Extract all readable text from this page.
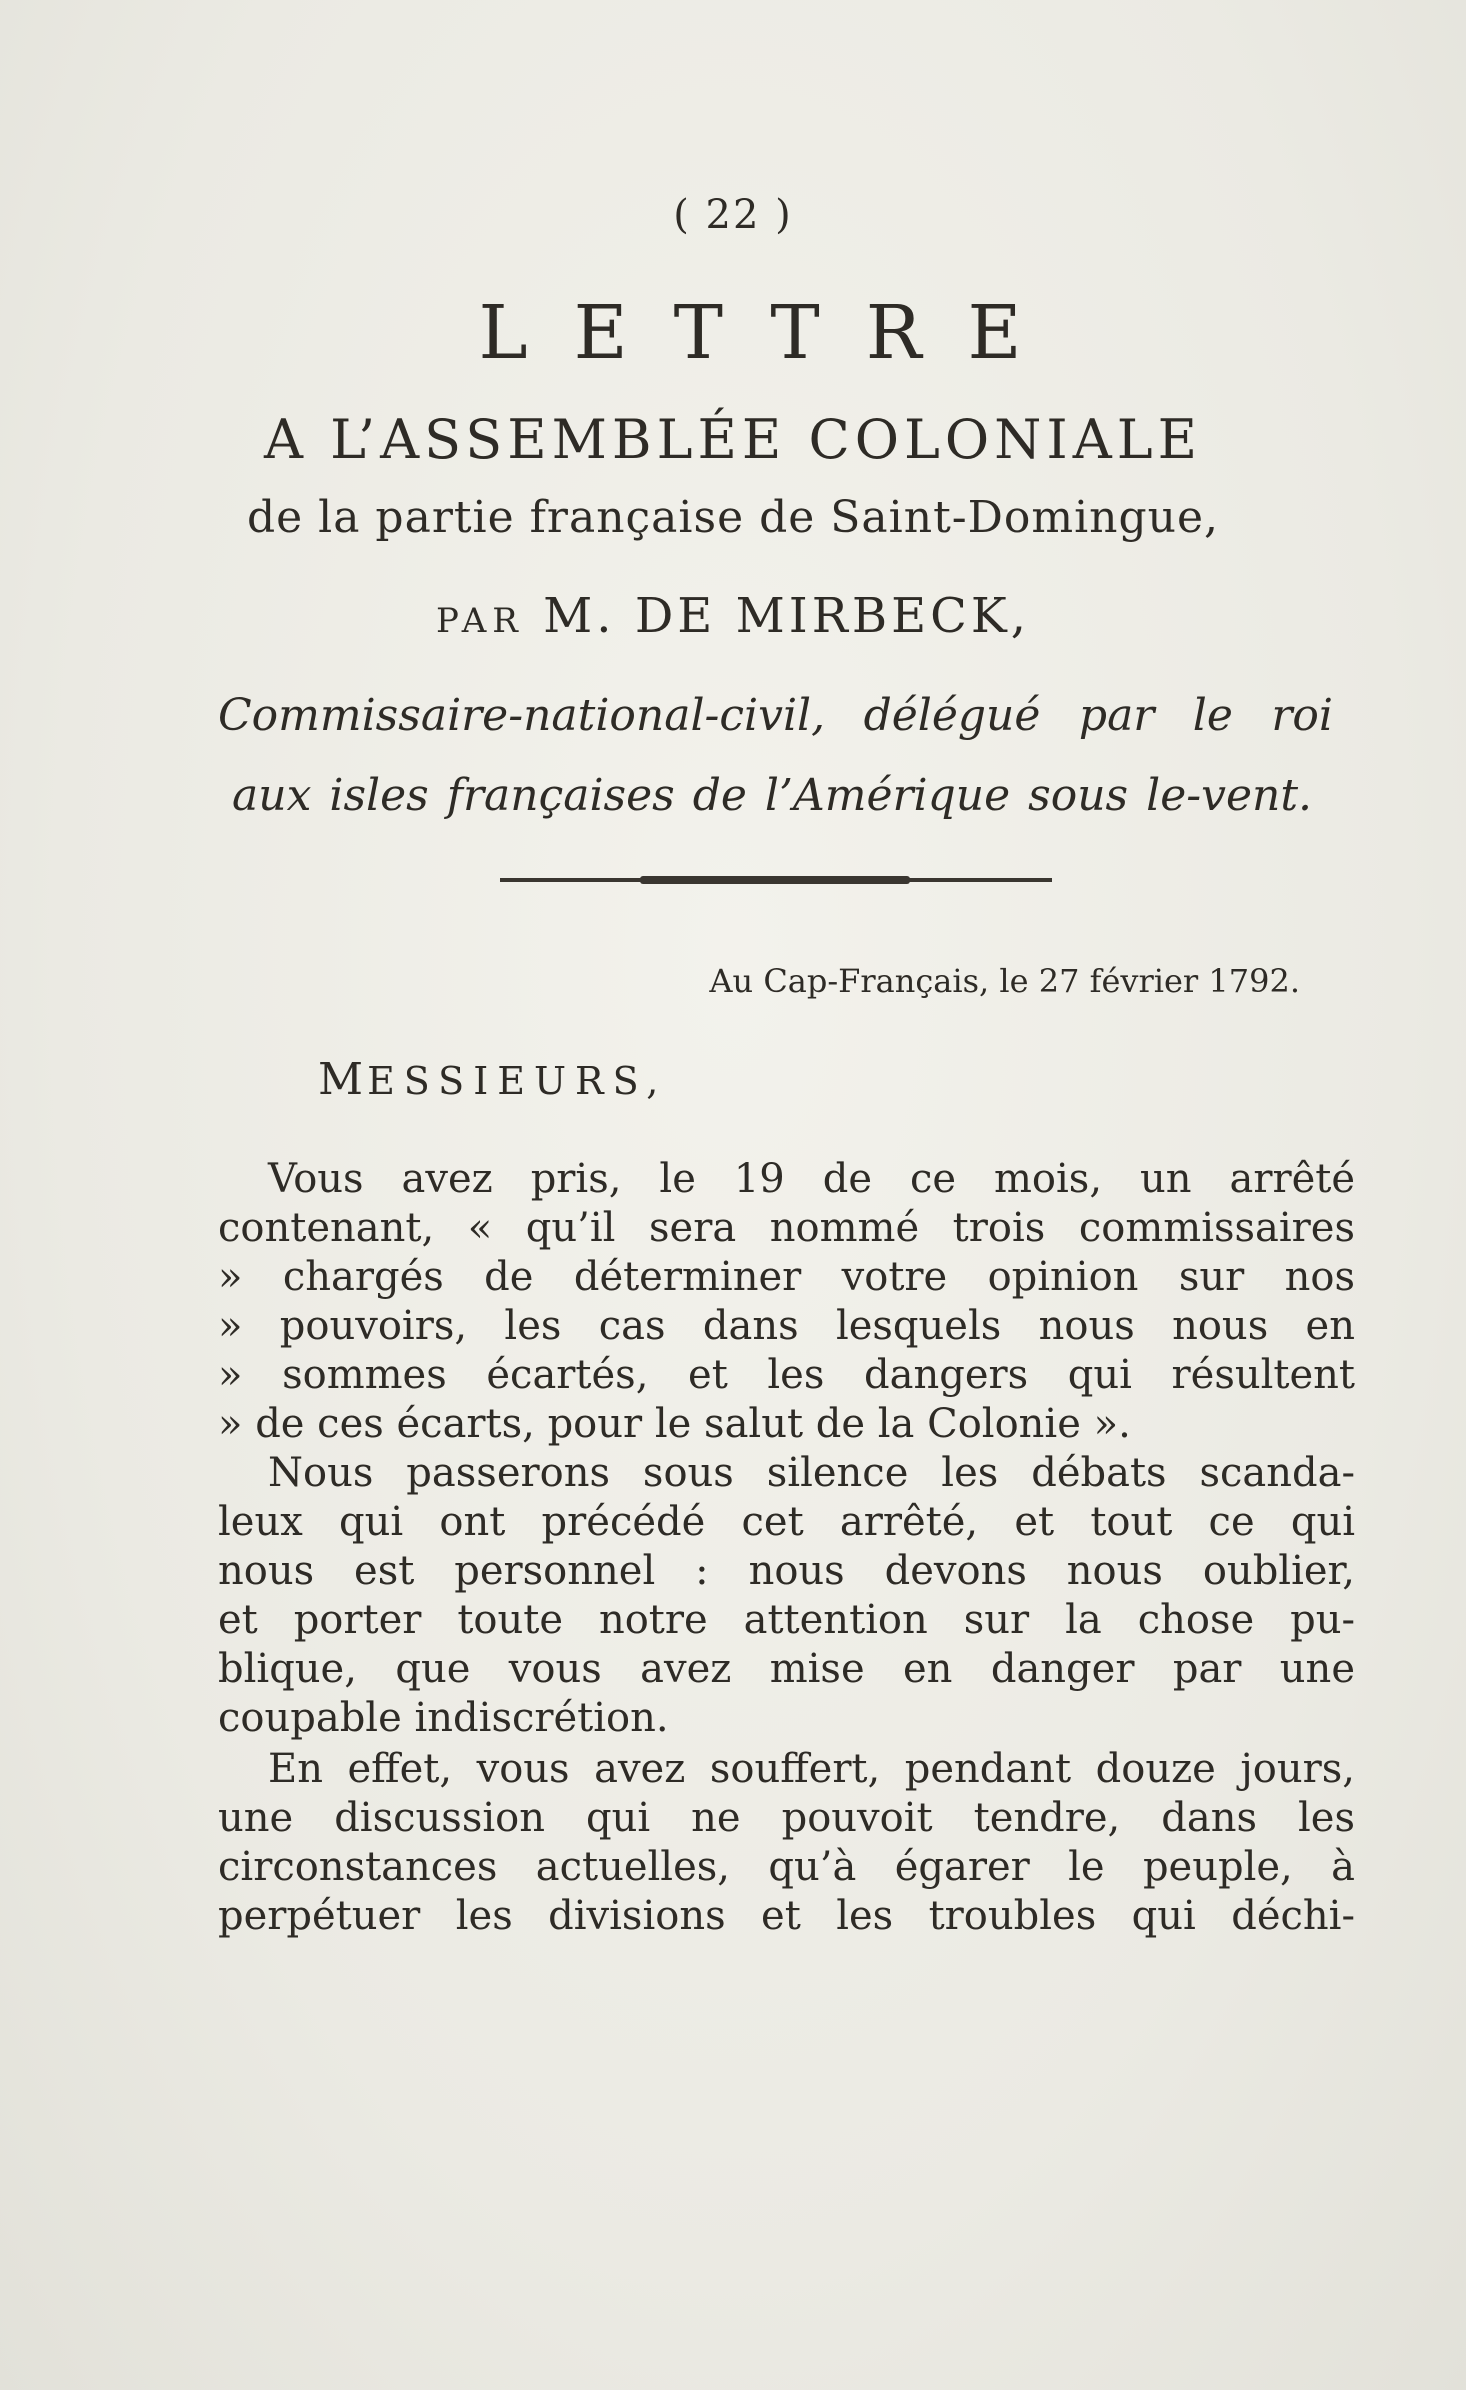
( 22 )
LETTRE
A L’ASSEMBLÉE COLONIALE
de la partie française de Saint-Domingue,
PAR M. DE MIRBECK,
Commissaire-national-civil, délégué par le roi
aux isles françaises de l’Amérique sous le-vent.
Au Cap-Français, le 27 février 1792.
MESSIEURS,
Vous avez pris, le 19 de ce mois, un arrêté
contenant, « qu’il sera nommé trois commissaires
» chargés de déterminer votre opinion sur nos
» pouvoirs, les cas dans lesquels nous nous en
» sommes écartés, et les dangers qui résultent
» de ces écarts, pour le salut de la Colonie ».
Nous passerons sous silence les débats scanda-
leux qui ont précédé cet arrêté, et tout ce qui
nous est personnel : nous devons nous oublier,
et porter toute notre attention sur la chose pu-
blique, que vous avez mise en danger par une
coupable indiscrétion.
En effet, vous avez souffert, pendant douze jours,
une discussion qui ne pouvoit tendre, dans les
circonstances actuelles, qu’à égarer le peuple, à
perpétuer les divisions et les troubles qui déchi-
